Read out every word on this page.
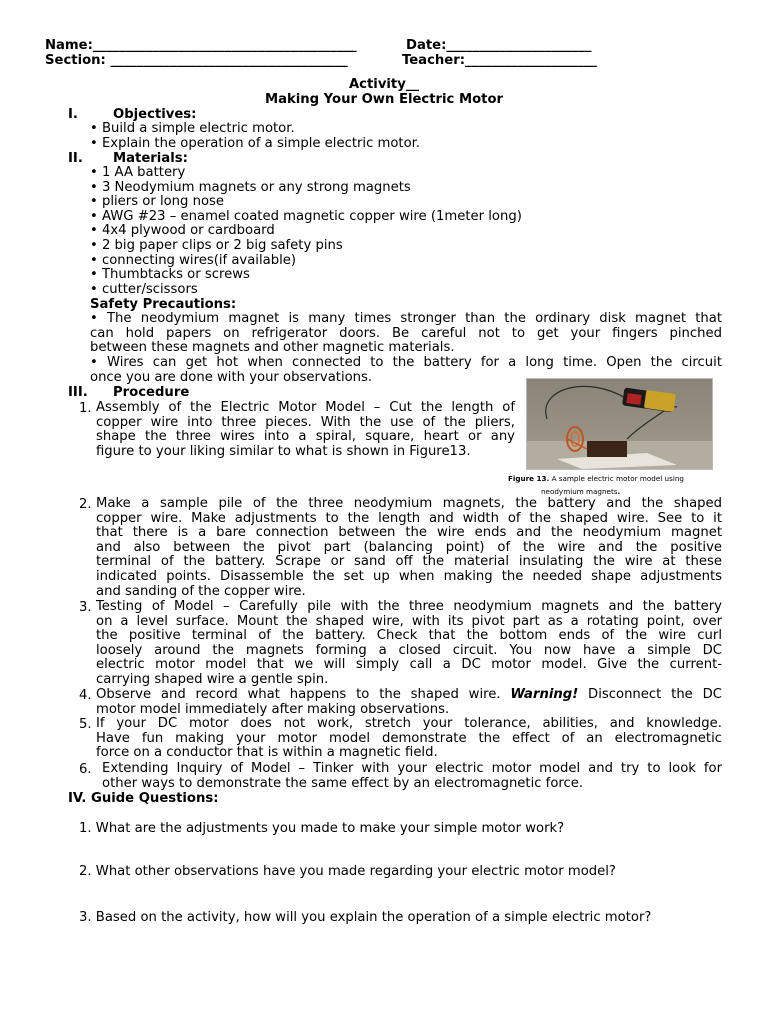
Name:________________________________________	Date:______________________
Section: ____________________________________	Teacher:____________________
Activity__
Making Your Own Electric Motor
I.	Objectives:
• Build a simple electric motor.
• Explain the operation of a simple electric motor.
II. Materials:
• 1 AA battery
• 3 Neodymium magnets or any strong magnets
• pliers or long nose
• AWG #23 – enamel coated magnetic copper wire (1meter long)
• 4x4 plywood or cardboard
• 2 big paper clips or 2 big safety pins
• connecting wires(if available)
• Thumbtacks or screws
• cutter/scissors
Safety Precautions:
• The neodymium magnet is many times stronger than the ordinary disk magnet that
can hold papers on refrigerator doors. Be careful not to get your fingers pinched
between these magnets and other magnetic materials.
• Wires can get hot when connected to the battery for a long time. Open the circuit
once you are done with your observations.
III. Procedure
1. Assembly of the Electric Motor Model – Cut the length of
copper wire into three pieces. With the use of the pliers,
shape the three wires into a spiral, square, heart or any
figure to your liking similar to what is shown in Figure13.
Figure 13. A sample electric motor model using
neodymium magnets.
2. Make a sample pile of the three neodymium magnets, the battery and the shaped
copper wire. Make adjustments to the length and width of the shaped wire. See to it
that there is a bare connection between the wire ends and the neodymium magnet
and also between the pivot part (balancing point) of the wire and the positive
terminal of the battery. Scrape or sand off the material insulating the wire at these
indicated points. Disassemble the set up when making the needed shape adjustments
and sanding of the copper wire.
3. Testing of Model – Carefully pile with the three neodymium magnets and the battery
on a level surface. Mount the shaped wire, with its pivot part as a rotating point, over
the positive terminal of the battery. Check that the bottom ends of the wire curl
loosely around the magnets forming a closed circuit. You now have a simple DC
electric motor model that we will simply call a DC motor model. Give the current-
carrying shaped wire a gentle spin.
4. Observe and record what happens to the shaped wire. Warning! Disconnect the DC
motor model immediately after making observations.
5. If your DC motor does not work, stretch your tolerance, abilities, and knowledge.
Have fun making your motor model demonstrate the effect of an electromagnetic
force on a conductor that is within a magnetic field.
6. Extending Inquiry of Model – Tinker with your electric motor model and try to look for
other ways to demonstrate the same effect by an electromagnetic force.
IV. Guide Questions:
1. What are the adjustments you made to make your simple motor work?
2. What other observations have you made regarding your electric motor model?
3. Based on the activity, how will you explain the operation of a simple electric motor?
